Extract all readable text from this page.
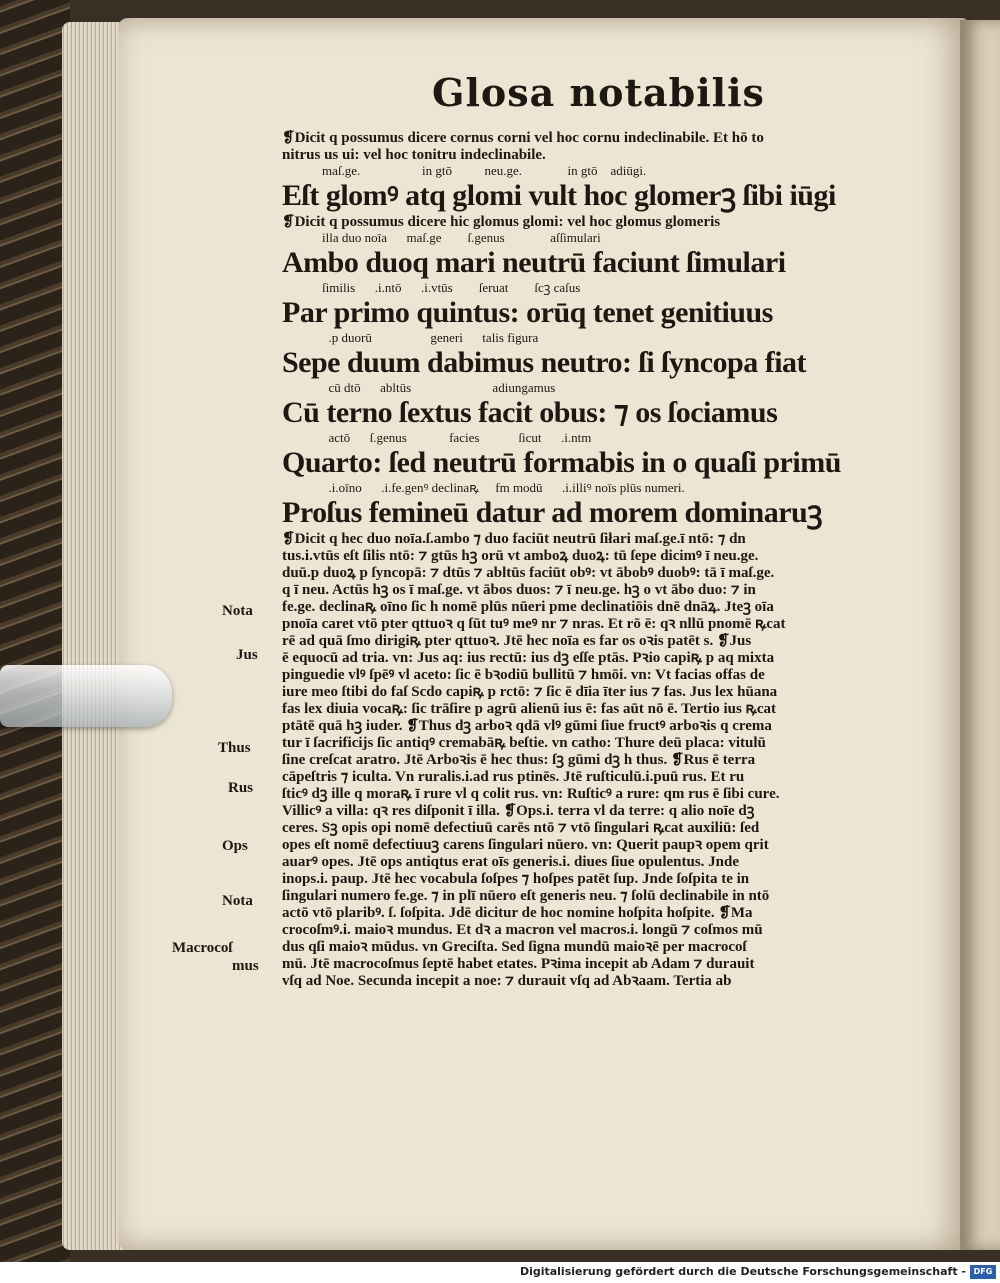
Glosa notabilis

❡Dicit q possumus dicere cornus corni vel hoc cornu indeclinabile. Et hō to
nitrus us ui: vel hoc tonitru indeclinabile.
maſ.ge.                   in gtō          neu.ge.              in gtō    adiūgi.
Eſt glomꝰ atq glomi vult hoc glomerꝫ ſibi iūgi
❡Dicit q possumus dicere hic glomus glomi: vel hoc glomus glomeris
illa duo noīa      maſ.ge        ſ.genus              aſſimulari
Ambo duoq mari neutrū faciunt ſimulari
ſimilis      .i.ntō      .i.vtūs        ſeruat        ſcꝫ caſus
Par primo quintus: orūq tenet genitiuus
.p duorū                  generi      talis figura
Sepe duum dabimus neutro: ſi ſyncopa fiat
cū dtō      abltūs                         adiungamus
Cū terno ſextus facit obus: ⁊ os ſociamus
actō      ſ.genus             facies            ſicut      .i.ntm
Quarto: ſed neutrū formabis in o quaſi primū
.i.oīno      .i.fe.genꝰ declinaꝶ     fm modū      .i.illiꝰ noīs plūs numeri.
Proſus femineū datur ad morem dominaruꝫ
❡Dicit q hec duo noīa.ſ.ambo ⁊ duo faciūt neutrū ſiłari maſ.ge.ī ntō: ⁊ dn
tus.i.vtūs eſt ſilis ntō: ⁊ gtūs hꝫ orū vt amboꝝ duoꝝ: tū ſepe dicimꝰ ī neu.ge.
duū.p duoꝝ p ſyncopā: ⁊ dtūs ⁊ abltūs faciūt obꝰ: vt ābobꝰ duobꝰ: tā ī maſ.ge.
q ī neu. Actūs hꝫ os ī maſ.ge. vt ābos duos: ⁊ ī neu.ge. hꝫ o vt ābo duo: ⁊ in
fe.ge. declinaꝶ oīno ſic h nomē plūs nūeri pme declinatiōis dnē dnāꝝ. Jteꝫ oīa
pnoīa caret vtō pter qttuoꝛ q ſūt tuꝰ meꝰ nr ⁊ nras. Et rō ē: qꝛ nllū pnomē ꝶcat
rē ad quā ſmo dirigiꝶ pter qttuoꝛ. Jtē hec noīa es far os oꝛis patēt s. ❡Jus
ē equocū ad tria. vn: Jus aq: ius rectū: ius dꝫ eſſe ptās. Pꝛio capiꝶ p aq mixta
pinguedie vlꝰ ſpēꝰ vl aceto: ſic ē bꝛodiū bullitū ⁊ hmōi. vn: Vt facias offas de
iure meo ſtibi do faſ Scdo capiꝶ p rctō: ⁊ ſic ē dīia īter ius ⁊ fas. Jus lex hūana
fas lex diuia vocaꝶ: ſic trāſire p agrū alienū ius ē: fas aūt nō ē. Tertio ius ꝶcat
ptātē quā hꝫ iuder. ❡Thus dꝫ arboꝛ qdā vlꝰ gūmi ſiue fructꝰ arboꝛis q crema
tur ī ſacrificijs ſic antiqꝰ cremabāꝶ beſtie. vn catho: Thure deū placa: vitulū
ſine creſcat aratro. Jtē Arboꝛis ē hec thus: ſꝫ gūmi dꝫ h thus. ❡Rus ē terra
cāpeſtris ⁊ iculta. Vn ruralis.i.ad rus ptinēs. Jtē ruſticulū.i.puū rus. Et ru
ſticꝰ dꝫ ille q moraꝶ ī rure vl q colit rus. vn: Ruſticꝰ a rure: qm rus ē ſibi cure.
Villicꝰ a villa: qꝛ res diſponit ī illa. ❡Ops.i. terra vl da terre: q alio noīe dꝫ
ceres. Sꝫ opis opi nomē defectiuū carēs ntō ⁊ vtō ſingulari ꝶcat auxiliū: ſed
opes eſt nomē defectiuuꝫ carens ſingulari nūero. vn: Querit paupꝛ opem qrit
auarꝰ opes. Jtē ops antiqtus erat oīs generis.i. diues ſiue opulentus. Jnde
inops.i. paup. Jtē hec vocabula ſoſpes ⁊ hoſpes patēt ſup. Jnde ſoſpita te in
ſingulari numero fe.ge. ⁊ in plī nūero eſt generis neu. ⁊ ſolū declinabile in ntō
actō vtō plaribꝰ. ſ. ſoſpita. Jdē dicitur de hoc nomine hoſpita hoſpite. ❡Ma
crocoſmꝰ.i. maioꝛ mundus. Et dꝛ a macron vel macros.i. longū ⁊ coſmos mū
dus qſi maioꝛ mūdus. vn Greciſta. Sed ſigna mundū maioꝛē per macrocoſ
mū. Jtē macrocoſmus ſeptē habet etates. Pꝛima incepit ab Adam ⁊ durauit
vſq ad Noe. Secunda incepit a noe: ⁊ durauit vſq ad Abꝛaam. Tertia ab
Nota
Jus
Thus
Rus
Ops
Nota
Macrocoſ
mus
Digitalisierung gefördert durch die Deutsche Forschungsgemeinschaft - DFG
